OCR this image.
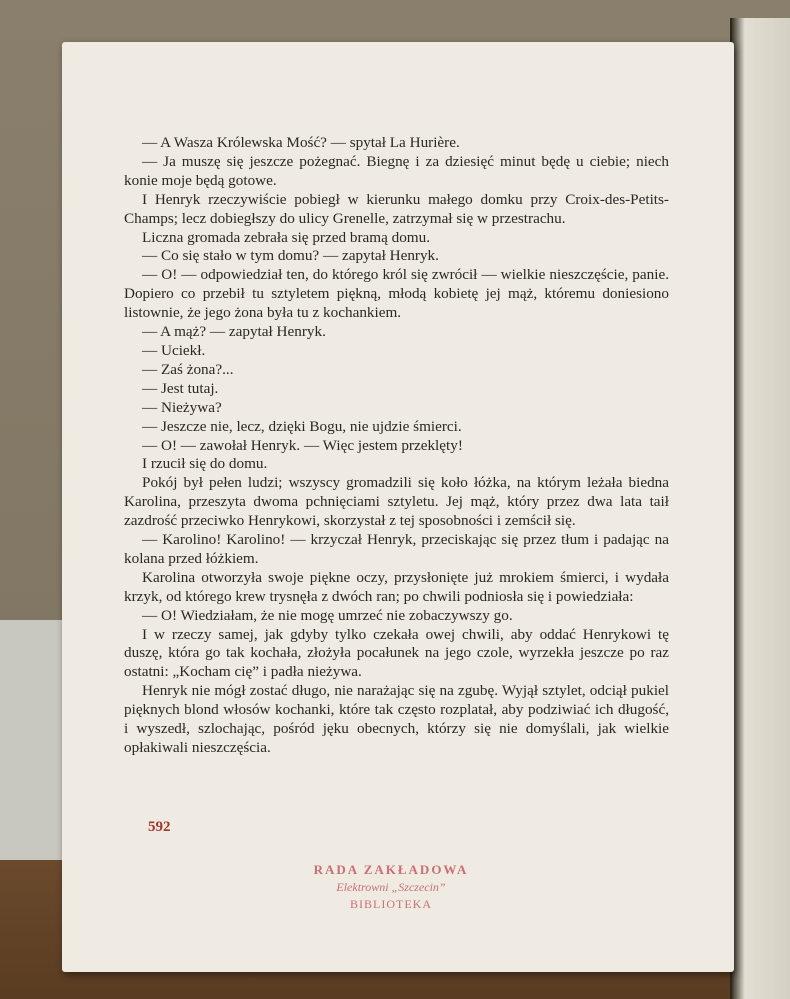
— A Wasza Królewska Mość? — spytał La Hurière.

— Ja muszę się jeszcze pożegnać. Biegnę i za dziesięć minut będę u ciebie; niech konie moje będą gotowe.

I Henryk rzeczywiście pobiegł w kierunku małego domku przy Croix-des-Petits-Champs; lecz dobiegłszy do ulicy Grenelle, zatrzymał się w przestrachu.

Liczna gromada zebrała się przed bramą domu.

— Co się stało w tym domu? — zapytał Henryk.

— O! — odpowiedział ten, do którego król się zwrócił — wielkie nieszczęście, panie. Dopiero co przebił tu sztyletem piękną, młodą kobietę jej mąż, któremu doniesiono listownie, że jego żona była tu z kochankiem.

— A mąż? — zapytał Henryk.

— Uciekł.

— Zaś żona?...

— Jest tutaj.

— Nieżywa?

— Jeszcze nie, lecz, dzięki Bogu, nie ujdzie śmierci.

— O! — zawołał Henryk. — Więc jestem przeklęty!

I rzucił się do domu.

Pokój był pełen ludzi; wszyscy gromadzili się koło łóżka, na którym leżała biedna Karolina, przeszyta dwoma pchnięciami sztyletu. Jej mąż, który przez dwa lata taił zazdrość przeciwko Henrykowi, skorzystał z tej sposobności i zemścił się.

— Karolino! Karolino! — krzyczał Henryk, przeciskając się przez tłum i padając na kolana przed łóżkiem.

Karolina otworzyła swoje piękne oczy, przysłonięte już mrokiem śmierci, i wydała krzyk, od którego krew trysnęła z dwóch ran; po chwili podniosła się i powiedziała:

— O! Wiedziałam, że nie mogę umrzeć nie zobaczywszy go.

I w rzeczy samej, jak gdyby tylko czekała owej chwili, aby oddać Henrykowi tę duszę, która go tak kochała, złożyła pocałunek na jego czole, wyrzekła jeszcze po raz ostatni: „Kocham cię” i padła nieżywa.

Henryk nie mógł zostać długo, nie narażając się na zgubę. Wyjął sztylet, odciął pukiel pięknych blond włosów kochanki, które tak często rozplatał, aby podziwiać ich długość, i wyszedł, szlochając, pośród jęku obecnych, którzy się nie domyślali, jak wielkie opłakiwali nieszczęścia.

592
RADA ZAKŁADOWA
Elektrowni „Szczecin”
BIBLIOTEKA
